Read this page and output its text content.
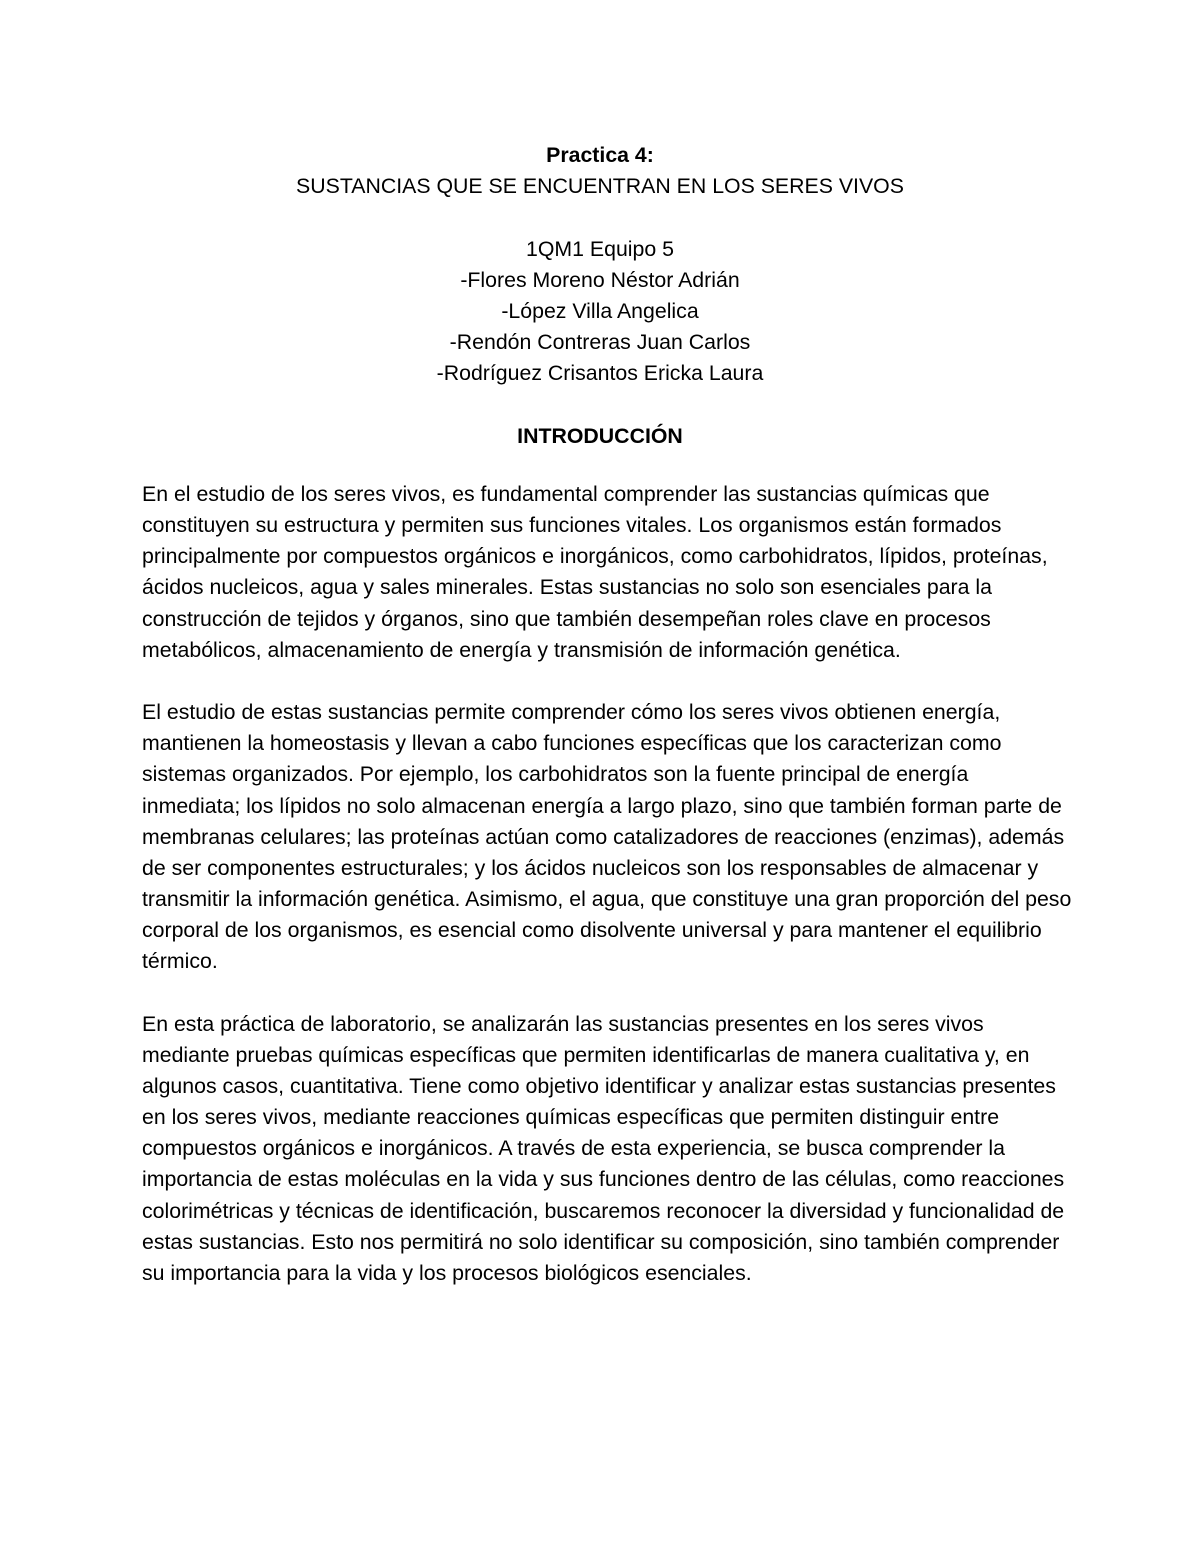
Practica 4:
SUSTANCIAS QUE SE ENCUENTRAN EN LOS SERES VIVOS
1QM1 Equipo 5
-Flores Moreno Néstor Adrián
-López Villa Angelica
-Rendón Contreras Juan Carlos
-Rodríguez Crisantos Ericka Laura
INTRODUCCIÓN

En el estudio de los seres vivos, es fundamental comprender las sustancias químicas que constituyen su estructura y permiten sus funciones vitales. Los organismos están formados principalmente por compuestos orgánicos e inorgánicos, como carbohidratos, lípidos, proteínas, ácidos nucleicos, agua y sales minerales. Estas sustancias no solo son esenciales para la construcción de tejidos y órganos, sino que también desempeñan roles clave en procesos metabólicos, almacenamiento de energía y transmisión de información genética.

El estudio de estas sustancias permite comprender cómo los seres vivos obtienen energía, mantienen la homeostasis y llevan a cabo funciones específicas que los caracterizan como sistemas organizados. Por ejemplo, los carbohidratos son la fuente principal de energía inmediata; los lípidos no solo almacenan energía a largo plazo, sino que también forman parte de membranas celulares; las proteínas actúan como catalizadores de reacciones (enzimas), además de ser componentes estructurales; y los ácidos nucleicos son los responsables de almacenar y transmitir la información genética. Asimismo, el agua, que constituye una gran proporción del peso corporal de los organismos, es esencial como disolvente universal y para mantener el equilibrio térmico.

En esta práctica de laboratorio, se analizarán las sustancias presentes en los seres vivos mediante pruebas químicas específicas que permiten identificarlas de manera cualitativa y, en algunos casos, cuantitativa. Tiene como objetivo identificar y analizar estas sustancias presentes en los seres vivos, mediante reacciones químicas específicas que permiten distinguir entre compuestos orgánicos e inorgánicos. A través de esta experiencia, se busca comprender la importancia de estas moléculas en la vida y sus funciones dentro de las células, como reacciones colorimétricas y técnicas de identificación, buscaremos reconocer la diversidad y funcionalidad de estas sustancias. Esto nos permitirá no solo identificar su composición, sino también comprender su importancia para la vida y los procesos biológicos esenciales.
